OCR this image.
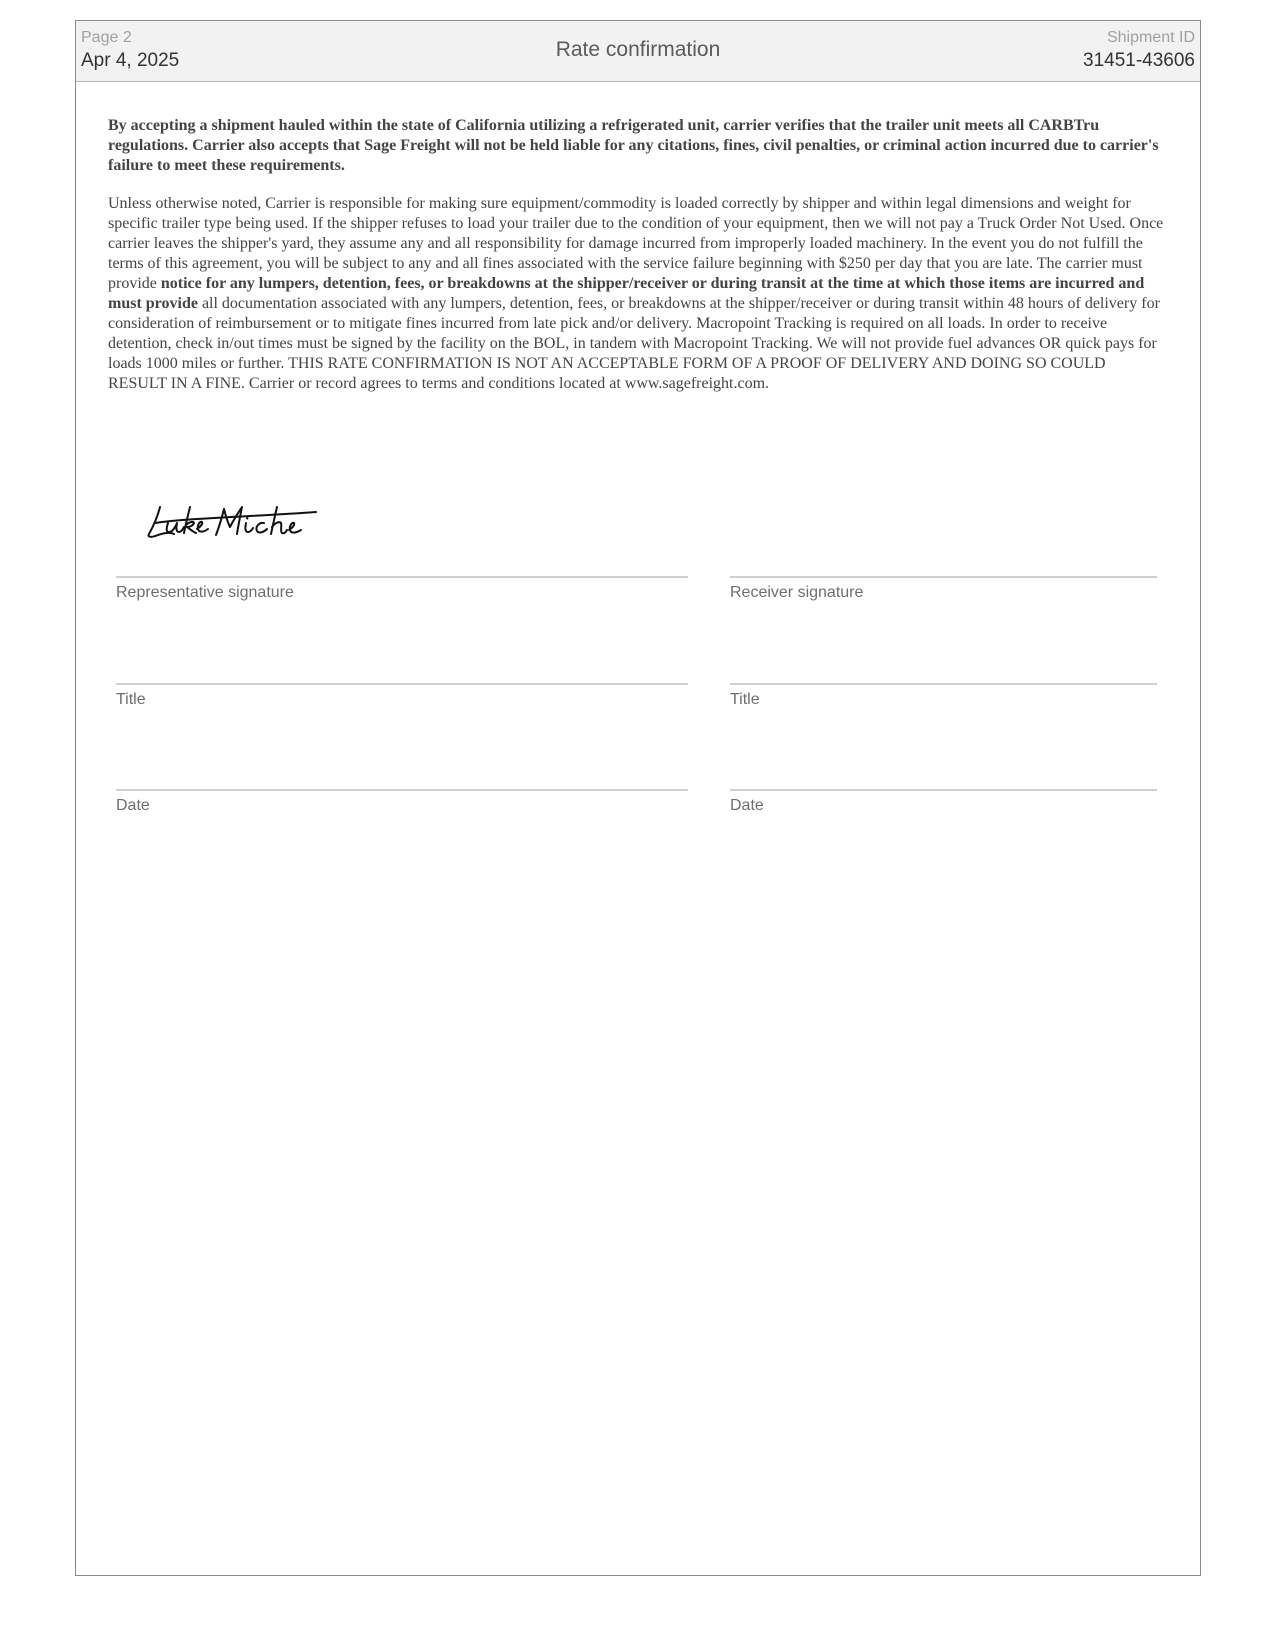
Page 2
Apr 4, 2025	Rate confirmation
Shipment ID
31451-43606

By accepting a shipment hauled within the state of California utilizing a refrigerated unit, carrier verifies that the trailer unit meets all CARBTru regulations. Carrier also accepts that Sage Freight will not be held liable for any citations, fines, civil penalties, or criminal action incurred due to carrier's failure to meet these requirements.

Unless otherwise noted, Carrier is responsible for making sure equipment/commodity is loaded correctly by shipper and within legal dimensions and weight for specific trailer type being used. If the shipper refuses to load your trailer due to the condition of your equipment, then we will not pay a Truck Order Not Used. Once carrier leaves the shipper's yard, they assume any and all responsibility for damage incurred from improperly loaded machinery. In the event you do not fulfill the terms of this agreement, you will be subject to any and all fines associated with the service failure beginning with $250 per day that you are late. The carrier must provide notice for any lumpers, detention, fees, or breakdowns at the shipper/receiver or during transit at the time at which those items are incurred and must provide all documentation associated with any lumpers, detention, fees, or breakdowns at the shipper/receiver or during transit within 48 hours of delivery for consideration of reimbursement or to mitigate fines incurred from late pick and/or delivery. Macropoint Tracking is required on all loads. In order to receive detention, check in/out times must be signed by the facility on the BOL, in tandem with Macropoint Tracking. We will not provide fuel advances OR quick pays for loads 1000 miles or further. THIS RATE CONFIRMATION IS NOT AN ACCEPTABLE FORM OF A PROOF OF DELIVERY AND DOING SO COULD RESULT IN A FINE. Carrier or record agrees to terms and conditions located at www.sagefreight.com.

Representative signature
Title
Date
Receiver signature
Title
Date
